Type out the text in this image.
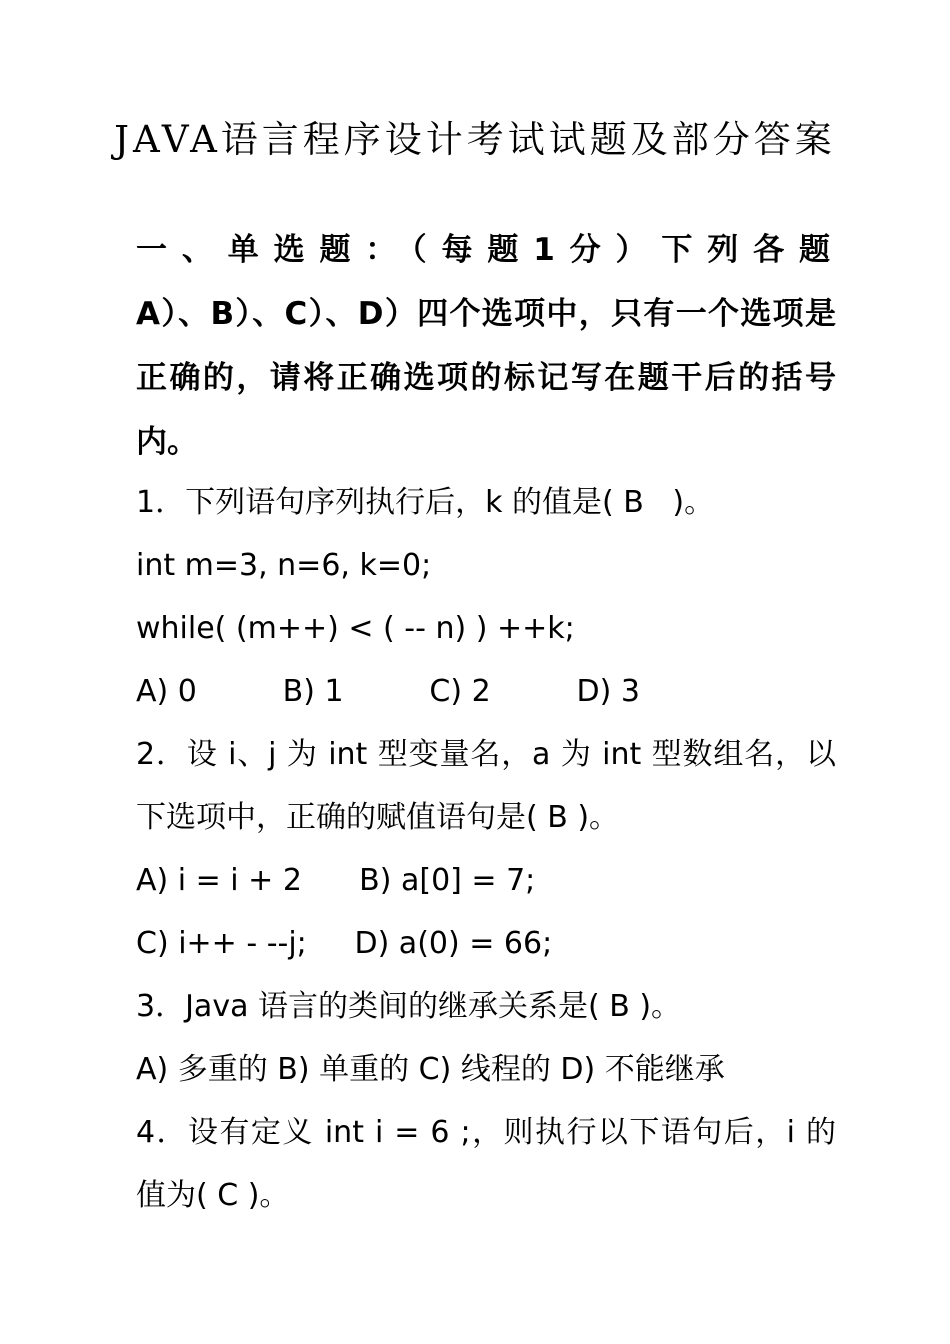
JAVA语言程序设计考试试题及部分答案

一、单选题：（每题1分）下列各题
A）、B）、C）、D）四个选项中，只有一个选项是正确的，请将正确选项的标记写在题干后的括号内。

1．下列语句序列执行后，k 的值是( B   )。

int m=3, n=6, k=0;

while( (m++) < ( -- n) ) ++k;

A) 0         B) 1         C) 2         D) 3

2．设 i、j 为 int 型变量名，a 为 int 型数组名，以

下选项中，正确的赋值语句是( B )。

A) i = i + 2      B) a[0] = 7;

C) i++ - --j;     D) a(0) = 66;

3．Java 语言的类间的继承关系是( B )。

A) 多重的 B) 单重的 C) 线程的 D) 不能继承

4．设有定义 int i = 6 ;，则执行以下语句后，i 的

值为( C )。
